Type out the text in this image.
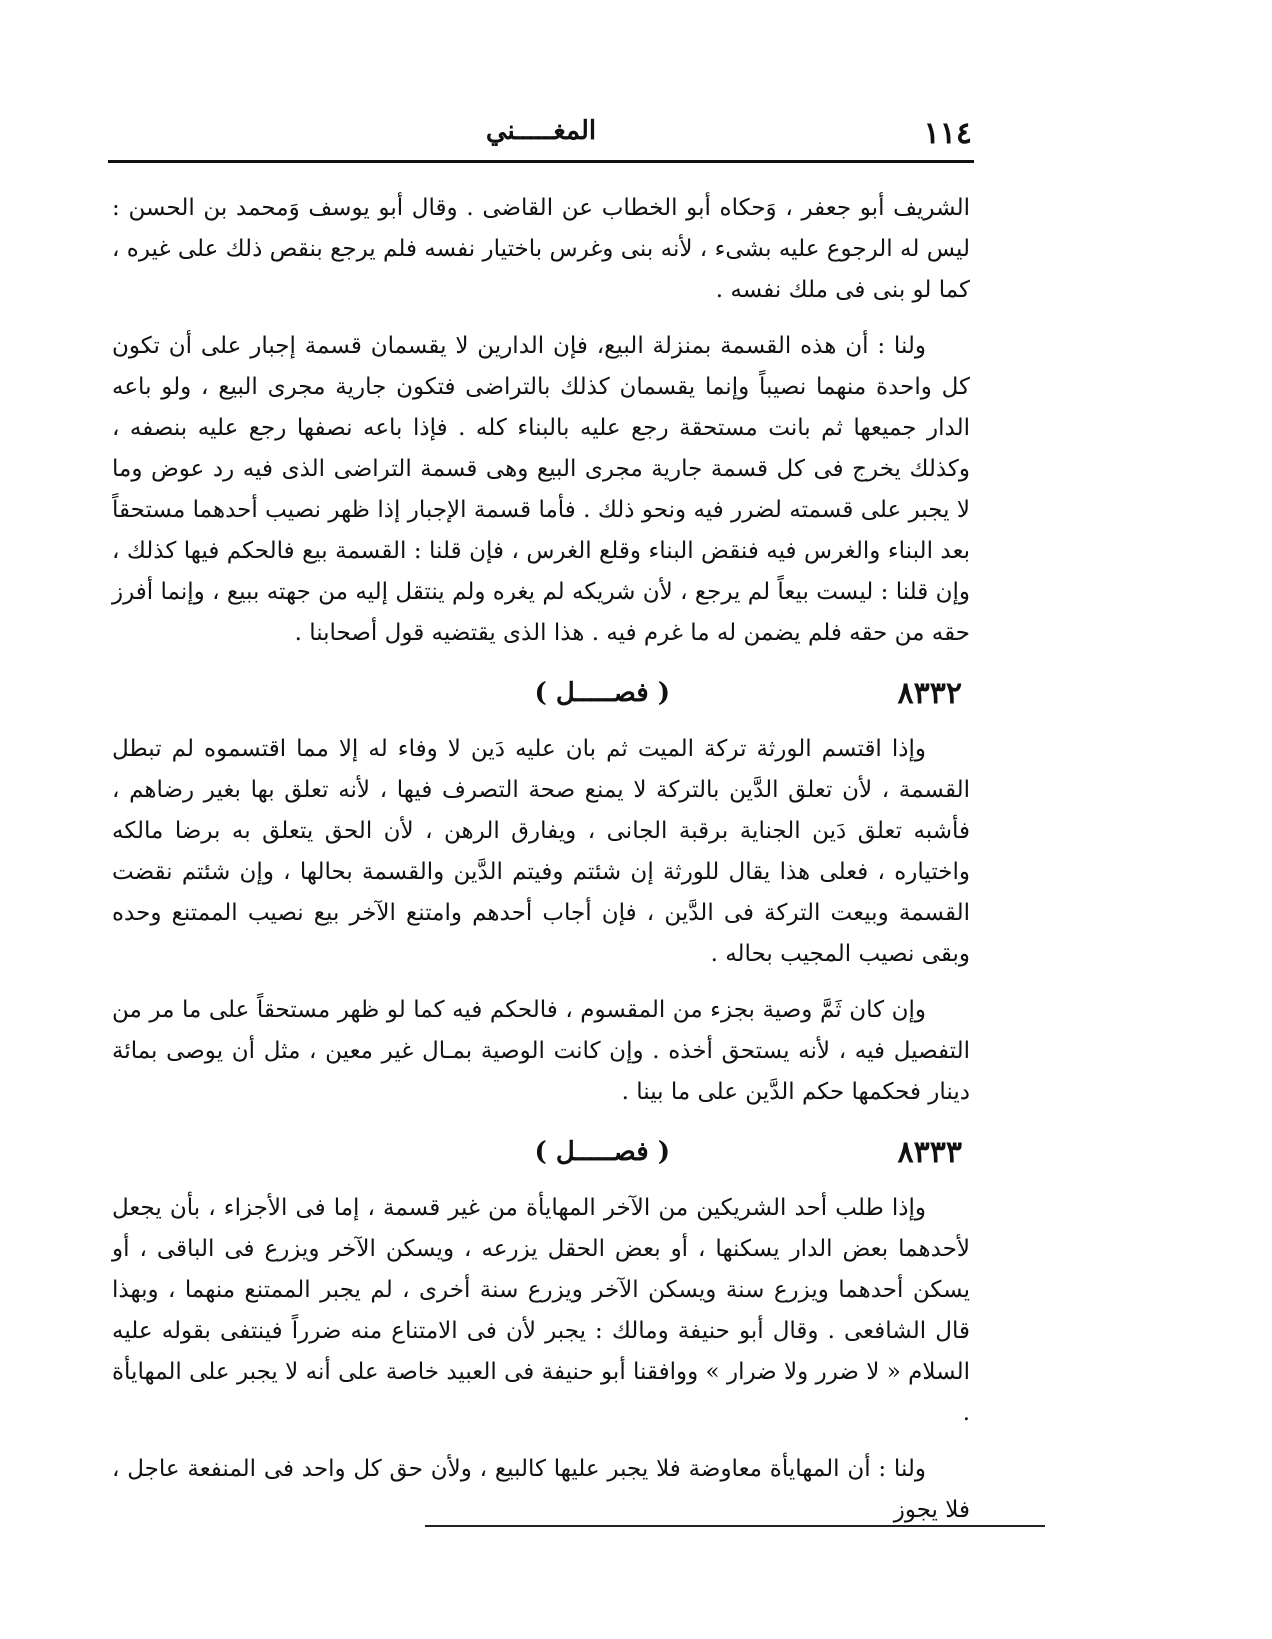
١١٤
المغـــــني

الشريف أبو جعفر ، وَحكاه أبو الخطاب عن القاضى . وقال أبو يوسف وَمحمد بن الحسن : ليس له الرجوع عليه بشىء ، لأنه بنى وغرس باختيار نفسه فلم يرجع بنقص ذلك على غيره ، كما لو بنى فى ملك نفسه .

ولنا : أن هذه القسمة بمنزلة البيع، فإن الدارين لا يقسمان قسمة إجبار على أن تكون كل واحدة منهما نصيباً وإنما يقسمان كذلك بالتراضى فتكون جارية مجرى البيع ، ولو باعه الدار جميعها ثم بانت مستحقة رجع عليه بالبناء كله . فإذا باعه نصفها رجع عليه بنصفه ، وكذلك يخرج فى كل قسمة جارية مجرى البيع وهى قسمة التراضى الذى فيه رد عوض وما لا يجبر على قسمته لضرر فيه ونحو ذلك . فأما قسمة الإجبار إذا ظهر نصيب أحدهما مستحقاً بعد البناء والغرس فيه فنقض البناء وقلع الغرس ، فإن قلنا : القسمة بيع فالحكم فيها كذلك ، وإن قلنا : ليست بيعاً لم يرجع ، لأن شريكه لم يغره ولم ينتقل إليه من جهته ببيع ، وإنما أفرز حقه من حقه فلم يضمن له ما غرم فيه . هذا الذى يقتضيه قول أصحابنا .

٨٣٣٢
( فصـــــل )

وإذا اقتسم الورثة تركة الميت ثم بان عليه دَين لا وفاء له إلا مما اقتسموه لم تبطل القسمة ، لأن تعلق الدَّين بالتركة لا يمنع صحة التصرف فيها ، لأنه تعلق بها بغير رضاهم ، فأشبه تعلق دَين الجناية برقبة الجانى ، ويفارق الرهن ، لأن الحق يتعلق به برضا مالكه واختياره ، فعلى هذا يقال للورثة إن شئتم وفيتم الدَّين والقسمة بحالها ، وإن شئتم نقضت القسمة وبيعت التركة فى الدَّين ، فإن أجاب أحدهم وامتنع الآخر بيع نصيب الممتنع وحده وبقى نصيب المجيب بحاله .

وإن كان ثَمَّ وصية بجزء من المقسوم ، فالحكم فيه كما لو ظهر مستحقاً على ما مر من التفصيل فيه ، لأنه يستحق أخذه . وإن كانت الوصية بمـال غير معين ، مثل أن يوصى بمائة دينار فحكمها حكم الدَّين على ما بينا .

٨٣٣٣
( فصـــــل )

وإذا طلب أحد الشريكين من الآخر المهايأة من غير قسمة ، إما فى الأجزاء ، بأن يجعل لأحدهما بعض الدار يسكنها ، أو بعض الحقل يزرعه ، ويسكن الآخر ويزرع فى الباقى ، أو يسكن أحدهما ويزرع سنة ويسكن الآخر ويزرع سنة أخرى ، لم يجبر الممتنع منهما ، وبهذا قال الشافعى . وقال أبو حنيفة ومالك : يجبر لأن فى الامتناع منه ضرراً فينتفى بقوله عليه السلام « لا ضرر ولا ضرار » ووافقنا أبو حنيفة فى العبيد خاصة على أنه لا يجبر على المهايأة .

ولنا : أن المهايأة معاوضة فلا يجبر عليها كالبيع ، ولأن حق كل واحد فى المنفعة عاجل ، فلا يجوز
